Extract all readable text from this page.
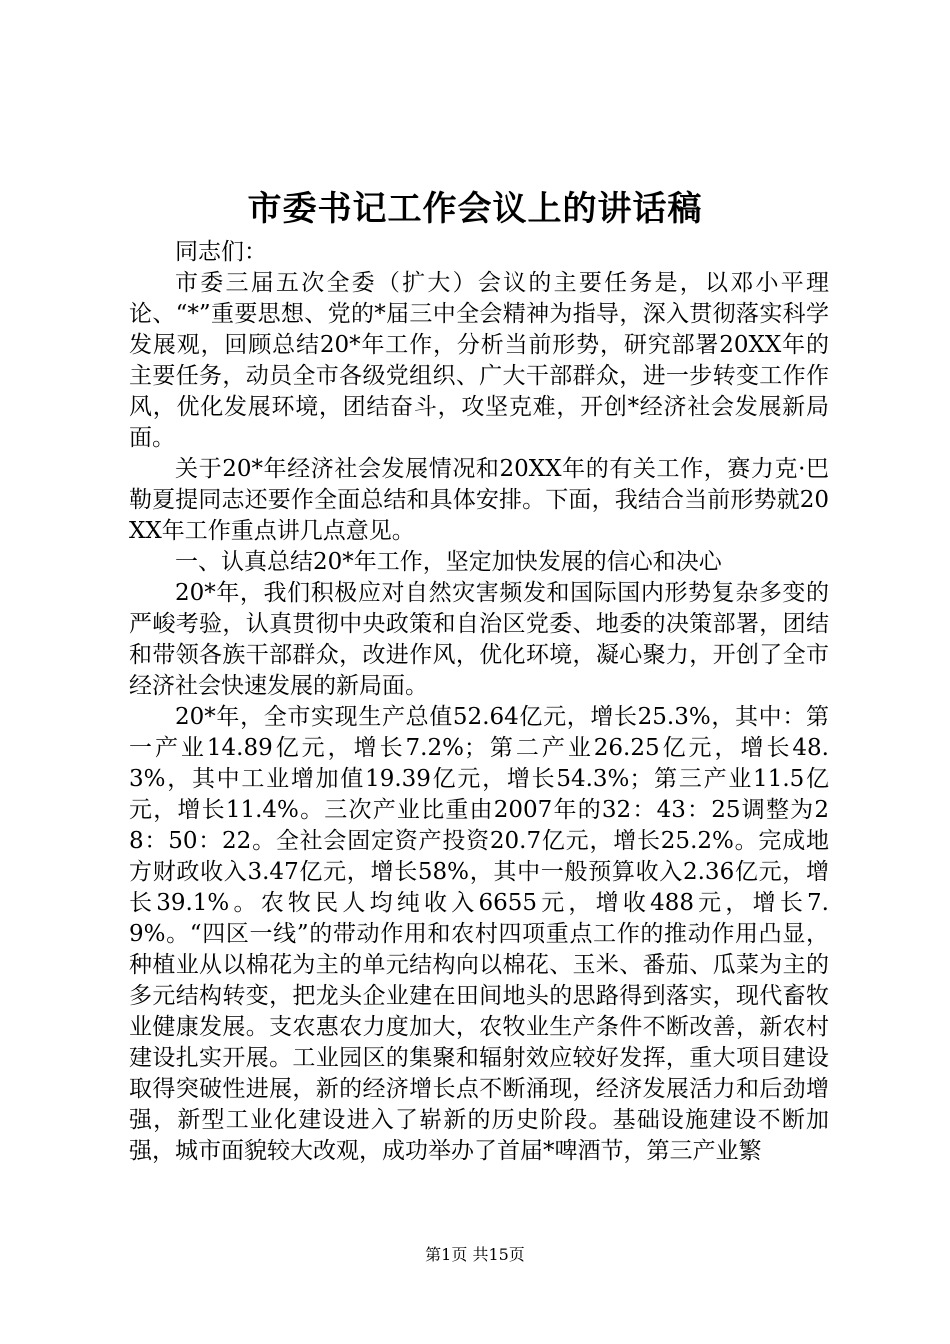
市委书记工作会议上的讲话稿

同志们：

市委三届五次全委（扩大）会议的主要任务是，以邓小平理论、“*”重要思想、党的*届三中全会精神为指导，深入贯彻落实科学发展观，回顾总结20*年工作，分析当前形势，研究部署20XX年的主要任务，动员全市各级党组织、广大干部群众，进一步转变工作作风，优化发展环境，团结奋斗，攻坚克难，开创*经济社会发展新局面。

关于20*年经济社会发展情况和20XX年的有关工作，赛力克·巴勒夏提同志还要作全面总结和具体安排。下面，我结合当前形势就20XX年工作重点讲几点意见。

一、认真总结20*年工作，坚定加快发展的信心和决心

20*年，我们积极应对自然灾害频发和国际国内形势复杂多变的严峻考验，认真贯彻中央政策和自治区党委、地委的决策部署，团结和带领各族干部群众，改进作风，优化环境，凝心聚力，开创了全市经济社会快速发展的新局面。

20*年，全市实现生产总值52.64亿元，增长25.3%，其中：第一产业14.89亿元，增长7.2%；第二产业26.25亿元，增长48.3%，其中工业增加值19.39亿元，增长54.3%；第三产业11.5亿元，增长11.4%。三次产业比重由2007年的32：43：25调整为28：50：22。全社会固定资产投资20.7亿元，增长25.2%。完成地方财政收入3.47亿元，增长58%，其中一般预算收入2.36亿元，增长39.1%。农牧民人均纯收入6655元，增收488元，增长7.9%。“四区一线”的带动作用和农村四项重点工作的推动作用凸显，种植业从以棉花为主的单元结构向以棉花、玉米、番茄、瓜菜为主的多元结构转变，把龙头企业建在田间地头的思路得到落实，现代畜牧业健康发展。支农惠农力度加大，农牧业生产条件不断改善，新农村建设扎实开展。工业园区的集聚和辐射效应较好发挥，重大项目建设取得突破性进展，新的经济增长点不断涌现，经济发展活力和后劲增强，新型工业化建设进入了崭新的历史阶段。基础设施建设不断加强，城市面貌较大改观，成功举办了首届*啤酒节，第三产业繁

第1页 共15页
